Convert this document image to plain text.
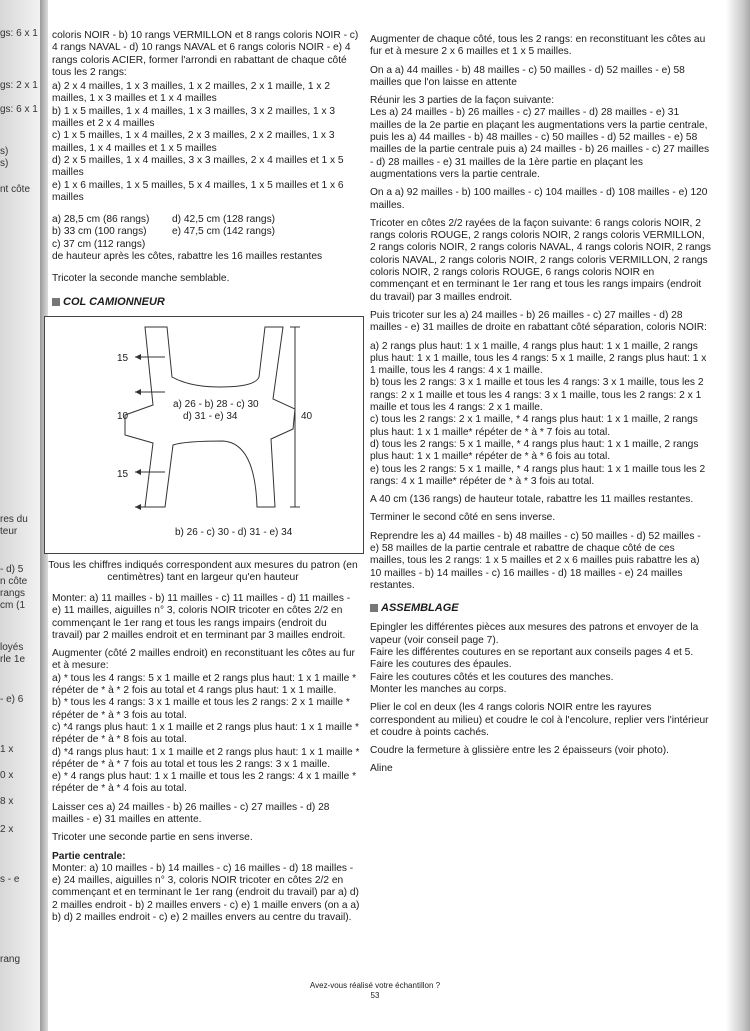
gs: 6 x 1
gs: 2 x 1
gs: 6 x 1
s)
s)
nt côte
res du
teur
- d) 5
n côte
rangs
cm (1
loyés
rle 1e
- e) 6
1 x
0 x
8 x
2 x
s - e
rang

coloris NOIR - b) 10 rangs VERMILLON et 8 rangs coloris NOIR - c) 4 rangs NAVAL - d) 10 rangs NAVAL et 6 rangs coloris NOIR - e) 4 rangs coloris ACIER, former l'arrondi en rabattant de chaque côté tous les 2 rangs:

a) 2 x 4 mailles, 1 x 3 mailles, 1 x 2 mailles, 2 x 1 maille, 1 x 2 mailles, 1 x 3 mailles et 1 x 4 mailles
b) 1 x 5 mailles, 1 x 4 mailles, 1 x 3 mailles, 3 x 2 mailles, 1 x 3 mailles et 2 x 4 mailles
c) 1 x 5 mailles, 1 x 4 mailles, 2 x 3 mailles, 2 x 2 mailles, 1 x 3 mailles, 1 x 4 mailles et 1 x 5 mailles
d) 2 x 5 mailles, 1 x 4 mailles, 3 x 3 mailles, 2 x 4 mailles et 1 x 5 mailles
e) 1 x 6 mailles, 1 x 5 mailles, 5 x 4 mailles, 1 x 5 mailles et 1 x 6 mailles
a) 28,5 cm (86 rangs)	d) 42,5 cm (128 rangs)
b) 33 cm (100 rangs)	e) 47,5 cm (142 rangs)
c) 37 cm (112 rangs)

de hauteur après les côtes, rabattre les 16 mailles restantes

Tricoter la seconde manche semblable.

COL CAMIONNEUR

15
10
15
40
a) 26 - b) 28 - c) 30
d) 31 - e) 34
b) 26 - c) 30 - d) 31 - e) 34

Tous les chiffres indiqués correspondent aux mesures du patron (en centimètres) tant en largeur qu'en hauteur

Monter: a) 11 mailles - b) 11 mailles - c) 11 mailles - d) 11 mailles - e) 11 mailles, aiguilles n° 3, coloris NOIR tricoter en côtes 2/2 en commençant le 1er rang et tous les rangs impairs (endroit du travail) par 2 mailles endroit et en terminant par 3 mailles endroit.

Augmenter (côté 2 mailles endroit) en reconstituant les côtes au fur et à mesure:

a) * tous les 4 rangs: 5 x 1 maille et 2 rangs plus haut: 1 x 1 maille * répéter de * à * 2 fois au total et 4 rangs plus haut: 1 x 1 maille.
b) * tous les 4 rangs: 3 x 1 maille et tous les 2 rangs: 2 x 1 maille * répéter de * à * 3 fois au total.
c) *4 rangs plus haut: 1 x 1 maille et 2 rangs plus haut: 1 x 1 maille * répéter de * à * 8 fois au total.
d) *4 rangs plus haut: 1 x 1 maille et 2 rangs plus haut: 1 x 1 maille * répéter de * à * 7 fois au total et tous les 2 rangs: 3 x 1 maille.
e) * 4 rangs plus haut: 1 x 1 maille et tous les 2 rangs: 4 x 1 maille * répéter de * à * 4 fois au total.

Laisser ces a) 24 mailles - b) 26 mailles - c) 27 mailles - d) 28 mailles - e) 31 mailles en attente.

Tricoter une seconde partie en sens inverse.

Partie centrale:

Monter: a) 10 mailles - b) 14 mailles - c) 16 mailles - d) 18 mailles - e) 24 mailles, aiguilles n° 3, coloris NOIR tricoter en côtes 2/2 en commençant et en terminant le 1er rang (endroit du travail) par a) d) 2 mailles endroit - b) 2 mailles envers - c) e) 1 maille envers (on a a) b) d) 2 mailles endroit - c) e) 2 mailles envers au centre du travail).

Augmenter de chaque côté, tous les 2 rangs: en reconstituant les côtes au fur et à mesure 2 x 6 mailles et 1 x 5 mailles.

On a a) 44 mailles - b) 48 mailles - c) 50 mailles - d) 52 mailles - e) 58 mailles que l'on laisse en attente

Réunir les 3 parties de la façon suivante:

Les a) 24 mailles - b) 26 mailles - c) 27 mailles - d) 28 mailles - e) 31 mailles de la 2e partie en plaçant les augmentations vers la partie centrale, puis les a) 44 mailles - b) 48 mailles - c) 50 mailles - d) 52 mailles - e) 58 mailles de la partie centrale puis a) 24 mailles - b) 26 mailles - c) 27 mailles - d) 28 mailles - e) 31 mailles de la 1ère partie en plaçant les augmentations vers la partie centrale.

On a a) 92 mailles - b) 100 mailles - c) 104 mailles - d) 108 mailles - e) 120 mailles.

Tricoter en côtes 2/2 rayées de la façon suivante: 6 rangs coloris NOIR, 2 rangs coloris ROUGE, 2 rangs coloris NOIR, 2 rangs coloris VERMILLON, 2 rangs coloris NOIR, 2 rangs coloris NAVAL, 4 rangs coloris NOIR, 2 rangs coloris NAVAL, 2 rangs coloris NOIR, 2 rangs coloris VERMILLON, 2 rangs coloris NOIR, 2 rangs coloris ROUGE, 6 rangs coloris NOIR en commençant et en terminant le 1er rang et tous les rangs impairs (endroit du travail) par 3 mailles endroit.

Puis tricoter sur les a) 24 mailles - b) 26 mailles - c) 27 mailles - d) 28 mailles - e) 31 mailles de droite en rabattant côté séparation, coloris NOIR:

a) 2 rangs plus haut: 1 x 1 maille, 4 rangs plus haut: 1 x 1 maille, 2 rangs plus haut: 1 x 1 maille, tous les 4 rangs: 5 x 1 maille, 2 rangs plus haut: 1 x 1 maille, tous les 4 rangs: 4 x 1 maille.
b) tous les 2 rangs: 3 x 1 maille et tous les 4 rangs: 3 x 1 maille, tous les 2 rangs: 2 x 1 maille et tous les 4 rangs: 3 x 1 maille, tous les 2 rangs: 2 x 1 maille et tous les 4 rangs: 2 x 1 maille.
c) tous les 2 rangs: 2 x 1 maille, * 4 rangs plus haut: 1 x 1 maille, 2 rangs plus haut: 1 x 1 maille* répéter de * à * 7 fois au total.
d) tous les 2 rangs: 5 x 1 maille, * 4 rangs plus haut: 1 x 1 maille, 2 rangs plus haut: 1 x 1 maille* répéter de * à * 6 fois au total.
e) tous les 2 rangs: 5 x 1 maille, * 4 rangs plus haut: 1 x 1 maille tous les 2 rangs: 4 x 1 maille* répéter de * à * 3 fois au total.

A 40 cm (136 rangs) de hauteur totale, rabattre les 11 mailles restantes.

Terminer le second côté en sens inverse.

Reprendre les a) 44 mailles - b) 48 mailles - c) 50 mailles - d) 52 mailles - e) 58 mailles de la partie centrale et rabattre de chaque côté de ces mailles, tous les 2 rangs: 1 x 5 mailles et 2 x 6 mailles puis rabattre les a) 10 mailles - b) 14 mailles - c) 16 mailles - d) 18 mailles - e) 24 mailles restantes.

ASSEMBLAGE

Epingler les différentes pièces aux mesures des patrons et envoyer de la vapeur (voir conseil page 7).

Faire les différentes coutures en se reportant aux conseils pages 4 et 5.

Faire les coutures des épaules.

Faire les coutures côtés et les coutures des manches.

Monter les manches au corps.

Plier le col en deux (les 4 rangs coloris NOIR entre les rayures correspondent au milieu) et coudre le col à l'encolure, replier vers l'intérieur et coudre à points cachés.

Coudre la fermeture à glissière entre les 2 épaisseurs (voir photo).

Aline

Avez-vous réalisé votre échantillon ?
53
